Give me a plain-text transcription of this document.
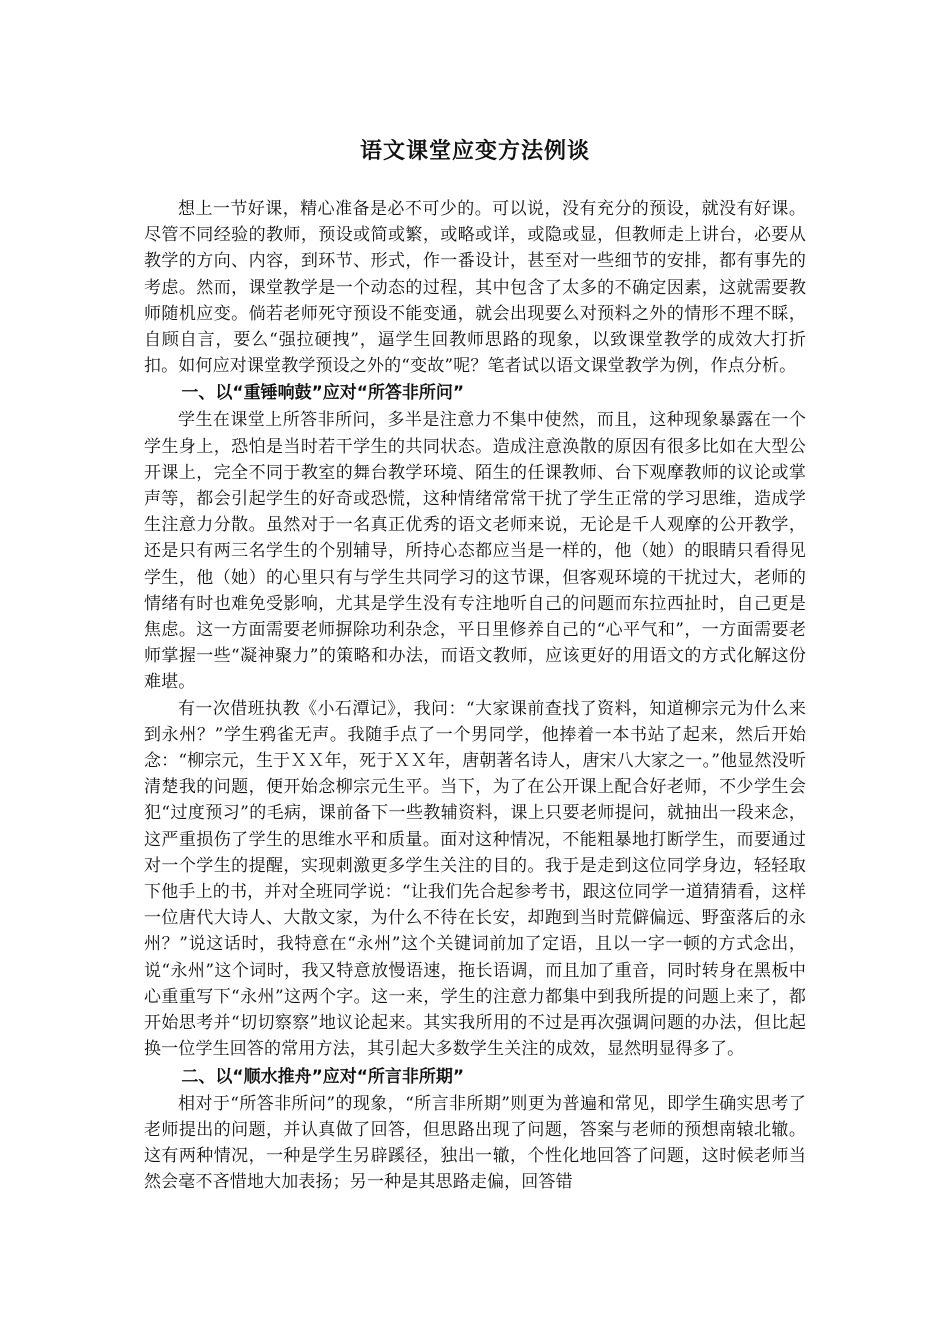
语文课堂应变方法例谈

想上一节好课，精心准备是必不可少的。可以说，没有充分的预设，就没有好课。尽管不同经验的教师，预设或简或繁，或略或详，或隐或显，但教师走上讲台，必要从教学的方向、内容，到环节、形式，作一番设计，甚至对一些细节的安排，都有事先的考虑。然而，课堂教学是一个动态的过程，其中包含了太多的不确定因素，这就需要教师随机应变。倘若老师死守预设不能变通，就会出现要么对预料之外的情形不理不睬，自顾自言，要么“强拉硬拽”，逼学生回教师思路的现象，以致课堂教学的成效大打折扣。如何应对课堂教学预设之外的“变故”呢？笔者试以语文课堂教学为例，作点分析。

一、以“重锤响鼓”应对“所答非所问”

学生在课堂上所答非所问，多半是注意力不集中使然，而且，这种现象暴露在一个学生身上，恐怕是当时若干学生的共同状态。造成注意涣散的原因有很多比如在大型公开课上，完全不同于教室的舞台教学环境、陌生的任课教师、台下观摩教师的议论或掌声等，都会引起学生的好奇或恐慌，这种情绪常常干扰了学生正常的学习思维，造成学生注意力分散。虽然对于一名真正优秀的语文老师来说，无论是千人观摩的公开教学，还是只有两三名学生的个别辅导，所持心态都应当是一样的，他（她）的眼睛只看得见学生，他（她）的心里只有与学生共同学习的这节课，但客观环境的干扰过大，老师的情绪有时也难免受影响，尤其是学生没有专注地听自己的问题而东拉西扯时，自己更是焦虑。这一方面需要老师摒除功利杂念，平日里修养自己的“心平气和”，一方面需要老师掌握一些“凝神聚力”的策略和办法，而语文教师，应该更好的用语文的方式化解这份难堪。

有一次借班执教《小石潭记》，我问：“大家课前查找了资料，知道柳宗元为什么来到永州？”学生鸦雀无声。我随手点了一个男同学，他捧着一本书站了起来，然后开始念：“柳宗元，生于ＸＸ年，死于ＸＸ年，唐朝著名诗人，唐宋八大家之一。”他显然没听清楚我的问题，便开始念柳宗元生平。当下，为了在公开课上配合好老师，不少学生会犯“过度预习”的毛病，课前备下一些教辅资料，课上只要老师提问，就抽出一段来念，这严重损伤了学生的思维水平和质量。面对这种情况，不能粗暴地打断学生，而要通过对一个学生的提醒，实现刺激更多学生关注的目的。我于是走到这位同学身边，轻轻取下他手上的书，并对全班同学说：“让我们先合起参考书，跟这位同学一道猜猜看，这样一位唐代大诗人、大散文家，为什么不待在长安，却跑到当时荒僻偏远、野蛮落后的永州？”说这话时，我特意在“永州”这个关键词前加了定语，且以一字一顿的方式念出，说“永州”这个词时，我又特意放慢语速，拖长语调，而且加了重音，同时转身在黑板中心重重写下“永州”这两个字。这一来，学生的注意力都集中到我所提的问题上来了，都开始思考并“切切察察”地议论起来。其实我所用的不过是再次强调问题的办法，但比起换一位学生回答的常用方法，其引起大多数学生关注的成效，显然明显得多了。

二、以“顺水推舟”应对“所言非所期”

相对于“所答非所问”的现象，“所言非所期”则更为普遍和常见，即学生确实思考了老师提出的问题，并认真做了回答，但思路出现了问题，答案与老师的预想南辕北辙。这有两种情况，一种是学生另辟蹊径，独出一辙，个性化地回答了问题，这时候老师当然会毫不吝惜地大加表扬；另一种是其思路走偏，回答错
